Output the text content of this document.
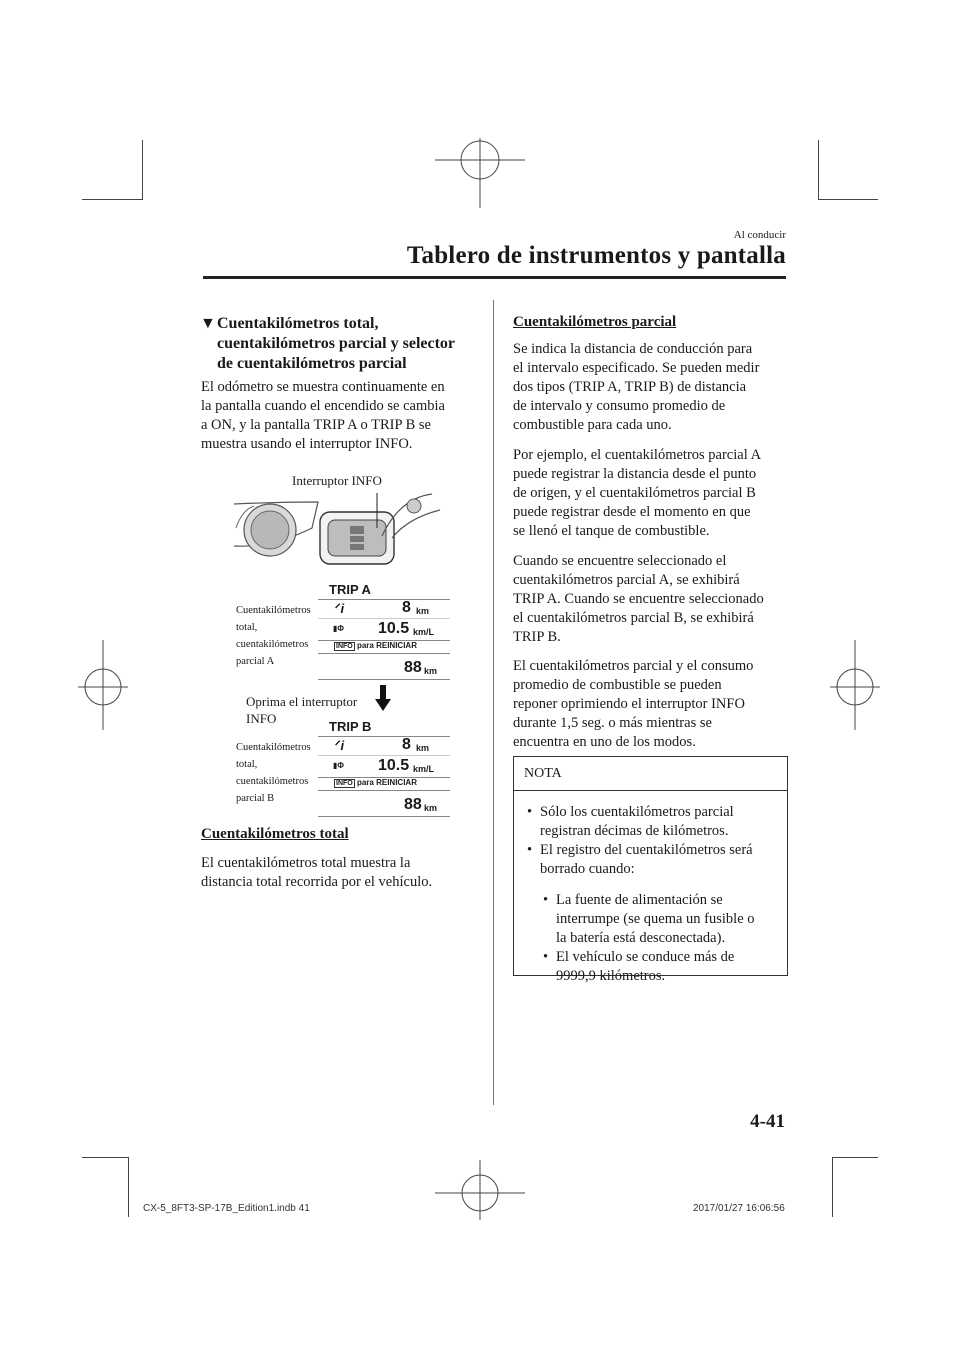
Al conducir
Tablero de instrumentos y pantalla
▼ Cuentakilómetros total,
cuentakilómetros parcial y selector
de cuentakilómetros parcial
El odómetro se muestra continuamente en
la pantalla cuando el encendido se cambia
a ON, y la pantalla TRIP A o TRIP B se
muestra usando el interruptor INFO.
Interruptor INFO
Cuentakilómetros
total,
cuentakilómetros
parcial A
TRIP A
ᐟi	8 km
▮Φ 10.5 km/L
INFO para REINICIAR
88 km
Oprima el interruptor
INFO
Cuentakilómetros
total,
cuentakilómetros
parcial B
TRIP B
ᐟi	8 km
▮Φ 10.5 km/L
INFO para REINICIAR
88 km
Cuentakilómetros total
El cuentakilómetros total muestra la
distancia total recorrida por el vehículo.
Cuentakilómetros parcial
Se indica la distancia de conducción para
el intervalo especificado. Se pueden medir
dos tipos (TRIP A, TRIP B) de distancia
de intervalo y consumo promedio de
combustible para cada uno.
Por ejemplo, el cuentakilómetros parcial A
puede registrar la distancia desde el punto
de origen, y el cuentakilómetros parcial B
puede registrar desde el momento en que
se llenó el tanque de combustible.
Cuando se encuentre seleccionado el
cuentakilómetros parcial A, se exhibirá
TRIP A. Cuando se encuentre seleccionado
el cuentakilómetros parcial B, se exhibirá
TRIP B.
El cuentakilómetros parcial y el consumo
promedio de combustible se pueden
reponer oprimiendo el interruptor INFO
durante 1,5 seg. o más mientras se
encuentra en uno de los modos.
NOTA
• Sólo los cuentakilómetros parcial
registran décimas de kilómetros.
• El registro del cuentakilómetros será
borrado cuando:
• La fuente de alimentación se
interrumpe (se quema un fusible o
la batería está desconectada).
• El vehículo se conduce más de
9999,9 kilómetros.
4-41
CX-5_8FT3-SP-17B_Edition1.indb 41	2017/01/27 16:06:56
